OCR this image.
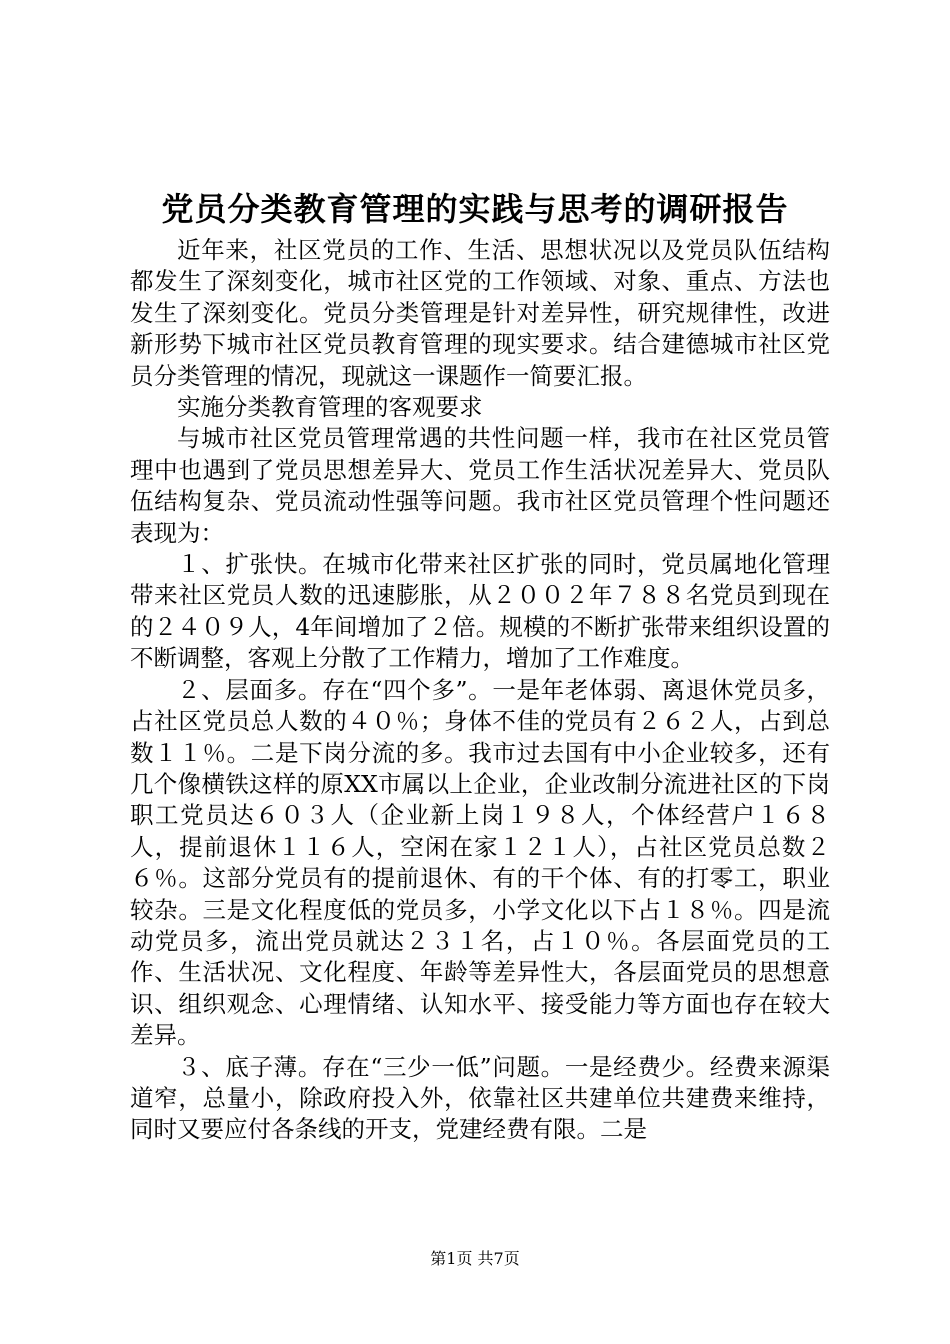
党员分类教育管理的实践与思考的调研报告

近年来，社区党员的工作、生活、思想状况以及党员队伍结构都发生了深刻变化，城市社区党的工作领域、对象、重点、方法也发生了深刻变化。党员分类管理是针对差异性，研究规律性，改进新形势下城市社区党员教育管理的现实要求。结合建德城市社区党员分类管理的情况，现就这一课题作一简要汇报。

实施分类教育管理的客观要求

与城市社区党员管理常遇的共性问题一样，我市在社区党员管理中也遇到了党员思想差异大、党员工作生活状况差异大、党员队伍结构复杂、党员流动性强等问题。我市社区党员管理个性问题还表现为：

１、扩张快。在城市化带来社区扩张的同时，党员属地化管理带来社区党员人数的迅速膨胀，从２００２年７８８名党员到现在的２４０９人，4年间增加了２倍。规模的不断扩张带来组织设置的不断调整，客观上分散了工作精力，增加了工作难度。

２、层面多。存在“四个多”。一是年老体弱、离退休党员多，占社区党员总人数的４０％；身体不佳的党员有２６２人，占到总数１１％。二是下岗分流的多。我市过去国有中小企业较多，还有几个像横铁这样的原XX市属以上企业，企业改制分流进社区的下岗职工党员达６０３人（企业新上岗１９８人，个体经营户１６８人，提前退休１１６人，空闲在家１２１人），占社区党员总数２６％。这部分党员有的提前退休、有的干个体、有的打零工，职业较杂。三是文化程度低的党员多，小学文化以下占１８％。四是流动党员多，流出党员就达２３１名，占１０％。各层面党员的工作、生活状况、文化程度、年龄等差异性大，各层面党员的思想意识、组织观念、心理情绪、认知水平、接受能力等方面也存在较大差异。

３、底子薄。存在“三少一低”问题。一是经费少。经费来源渠道窄，总量小，除政府投入外，依靠社区共建单位共建费来维持，同时又要应付各条线的开支，党建经费有限。二是

第1页 共7页
